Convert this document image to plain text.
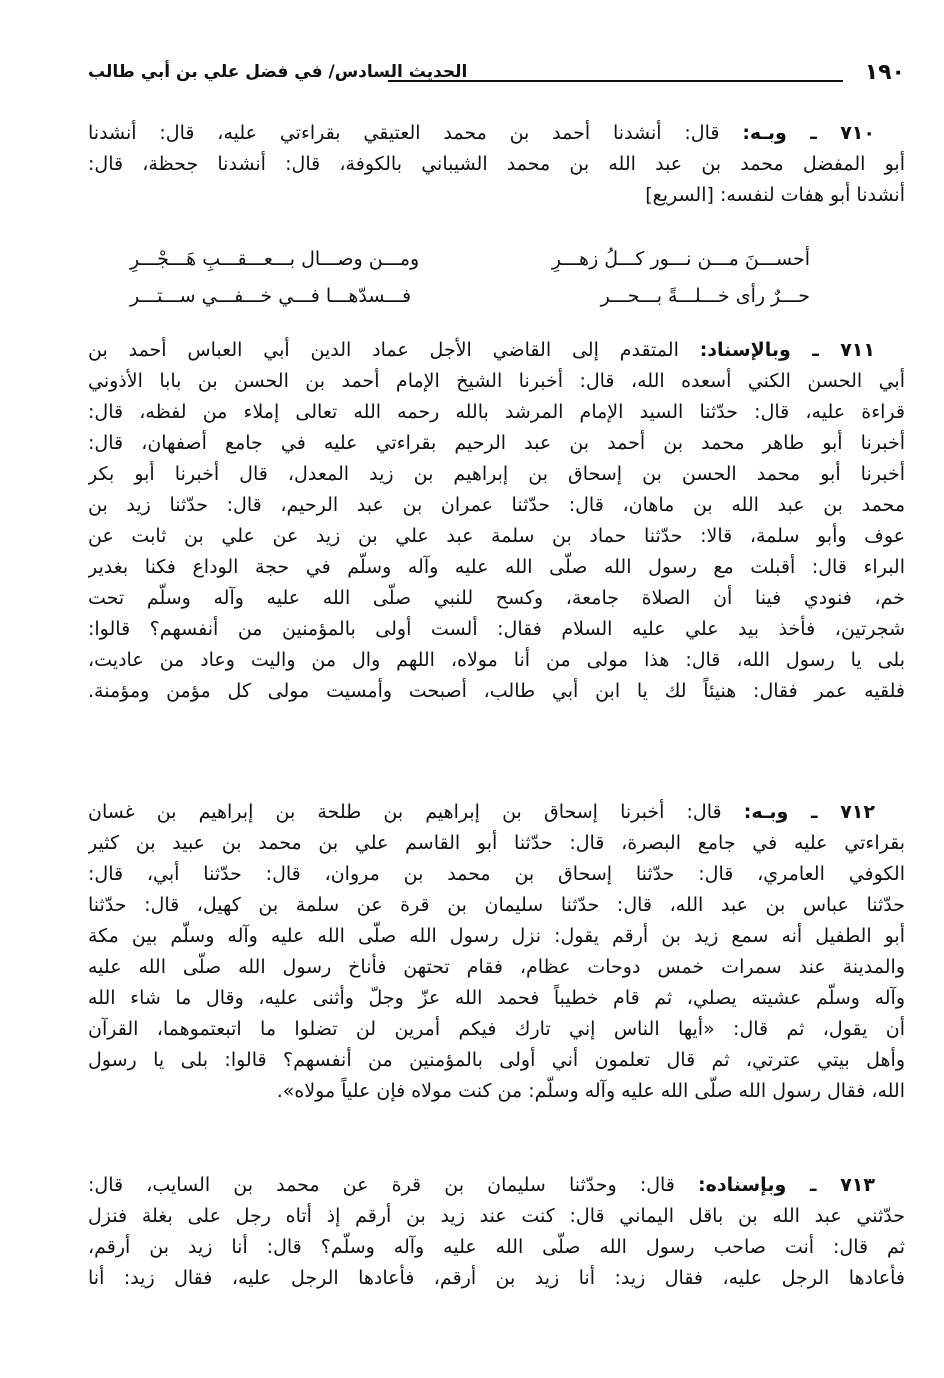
١٩٠
الحديث السادس/ في فضل علي بن أبي طالب
٧١٠ ـ وبـه: قال: أنشدنا أحمد بن محمد العتيقي بقراءتي عليه، قال: أنشدنا
أبو المفضل محمد بن عبد الله بن محمد الشيباني بالكوفة، قال: أنشدنا جحظة، قال:
أنشدنا أبو هفات لنفسه: [السريع]
أحســـنَ مـــن نـــور كـــلُ زهـــرِ
ومـــن وصـــال بـــعـــقـــبِ هَـــجْـــرِ
حـــرٌ رأى خـــلـــةً بـــحـــر
فـــسدّهـــا فـــي خـــفـــي ســـتـــر
٧١١ ـ وبالإسناد: المتقدم إلى القاضي الأجل عماد الدين أبي العباس أحمد بن
أبي الحسن الكني أسعده الله، قال: أخبرنا الشيخ الإمام أحمد بن الحسن بن بابا الأذوني
قراءة عليه، قال: حدّثنا السيد الإمام المرشد بالله رحمه الله تعالى إملاء من لفظه، قال:
أخبرنا أبو طاهر محمد بن أحمد بن عبد الرحيم بقراءتي عليه في جامع أصفهان، قال:
أخبرنا أبو محمد الحسن بن إسحاق بن إبراهيم بن زيد المعدل، قال أخبرنا أبو بكر
محمد بن عبد الله بن ماهان، قال: حدّثنا عمران بن عبد الرحيم، قال: حدّثنا زيد بن
عوف وأبو سلمة، قالا: حدّثنا حماد بن سلمة عبد علي بن زيد عن علي بن ثابت عن
البراء قال: أقبلت مع رسول الله صلّى الله عليه وآله وسلّم في حجة الوداع فكنا بغدير
خم، فنودي فينا أن الصلاة جامعة، وكسح للنبي صلّى الله عليه وآله وسلّم تحت
شجرتين، فأخذ بيد علي عليه السلام فقال: ألست أولى بالمؤمنين من أنفسهم؟ قالوا:
بلى يا رسول الله، قال: هذا مولى من أنا مولاه، اللهم وال من واليت وعاد من عاديت،
فلقيه عمر فقال: هنيئاً لك يا ابن أبي طالب، أصبحت وأمسيت مولى كل مؤمن ومؤمنة.
٧١٢ ـ وبـه: قال: أخبرنا إسحاق بن إبراهيم بن طلحة بن إبراهيم بن غسان
بقراءتي عليه في جامع البصرة، قال: حدّثنا أبو القاسم علي بن محمد بن عبيد بن كثير
الكوفي العامري، قال: حدّثنا إسحاق بن محمد بن مروان، قال: حدّثنا أبي، قال:
حدّثنا عباس بن عبد الله، قال: حدّثنا سليمان بن قرة عن سلمة بن كهيل، قال: حدّثنا
أبو الطفيل أنه سمع زيد بن أرقم يقول: نزل رسول الله صلّى الله عليه وآله وسلّم بين مكة
والمدينة عند سمرات خمس دوحات عظام، فقام تحتهن فأناخ رسول الله صلّى الله عليه
وآله وسلّم عشيته يصلي، ثم قام خطيباً فحمد الله عزّ وجلّ وأثنى عليه، وقال ما شاء الله
أن يقول، ثم قال: «أيها الناس إني تارك فيكم أمرين لن تضلوا ما اتبعتموهما، القرآن
وأهل بيتي عترتي، ثم قال تعلمون أني أولى بالمؤمنين من أنفسهم؟ قالوا: بلى يا رسول
الله، فقال رسول الله صلّى الله عليه وآله وسلّم: من كنت مولاه فإن علياً مولاه».
٧١٣ ـ وبإسناده: قال: وحدّثنا سليمان بن قرة عن محمد بن السايب، قال:
حدّثني عبد الله بن باقل اليماني قال: كنت عند زيد بن أرقم إذ أتاه رجل على بغلة فنزل
ثم قال: أنت صاحب رسول الله صلّى الله عليه وآله وسلّم؟ قال: أنا زيد بن أرقم،
فأعادها الرجل عليه، فقال زيد: أنا زيد بن أرقم، فأعادها الرجل عليه، فقال زيد: أنا
